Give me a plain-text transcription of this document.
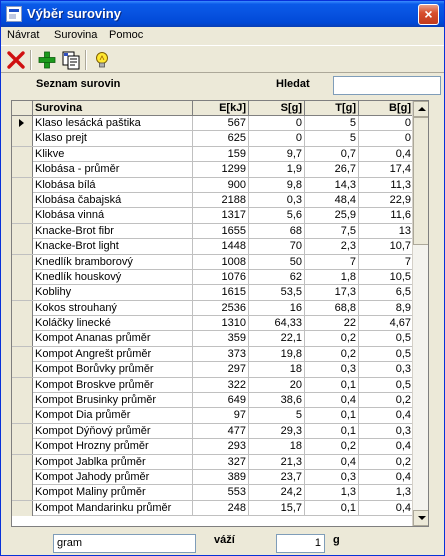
Výběr suroviny	×
Návrat Surovina Pomoc
Seznam surovin	Hledat
Surovina	E[kJ]	S[g]	T[g]	B[g]
Klaso lesácká paštika	567	0	5	0
Klaso prejt	625	0	5	0
Klikve	159	9,7	0,7	0,4
Klobása - průměr	1299	1,9	26,7	17,4
Klobása bílá	900	9,8	14,3	11,3
Klobása čabajská	2188	0,3	48,4	22,9
Klobása vinná	1317	5,6	25,9	11,6
Knacke-Brot fibr	1655	68	7,5	13
Knacke-Brot light	1448	70	2,3	10,7
Knedlík bramborový	1008	50	7	7
Knedlík houskový	1076	62	1,8	10,5
Koblihy	1615	53,5	17,3	6,5
Kokos strouhaný	2536	16	68,8	8,9
Koláčky linecké	1310	64,33	22	4,67
Kompot Ananas průměr	359	22,1	0,2	0,5
Kompot Angrešt průměr	373	19,8	0,2	0,5
Kompot Borůvky průměr	297	18	0,3	0,3
Kompot Broskve průměr	322	20	0,1	0,5
Kompot Brusinky průměr	649	38,6	0,4	0,2
Kompot Dia průměr	97	5	0,1	0,4
Kompot Dýňový průměr	477	29,3	0,1	0,3
Kompot Hrozny průměr	293	18	0,2	0,4
Kompot Jablka průměr	327	21,3	0,4	0,2
Kompot Jahody průměr	389	23,7	0,3	0,4
Kompot Maliny průměr	553	24,2	1,3	1,3
Kompot Mandarinku průměr	248	15,7	0,1	0,4
gram	váží	1	g
